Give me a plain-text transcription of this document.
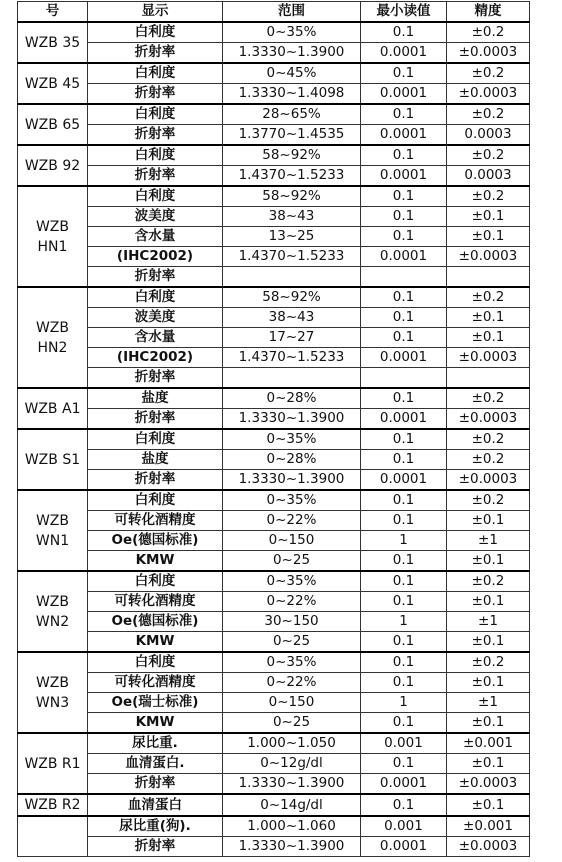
号	显示	范围	最小读值	精度
WZB 35	白利度	0~35%	0.1	±0.2
	折射率	1.3330~1.3900	0.0001	±0.0003
WZB 45	白利度	0~45%	0.1	±0.2
	折射率	1.3330~1.4098	0.0001	±0.0003
WZB 65	白利度	28~65%	0.1	±0.2
	折射率	1.3770~1.4535	0.0001	0.0003
WZB 92	白利度	58~92%	0.1	±0.2
	折射率	1.4370~1.5233	0.0001	0.0003
WZB
HN1	白利度	58~92%	0.1	±0.2
	波美度	38~43	0.1	±0.1
	含水量	13~25	0.1	±0.1
	(IHC2002)	1.4370~1.5233	0.0001	±0.0003
	折射率			
WZB
HN2	白利度	58~92%	0.1	±0.2
	波美度	38~43	0.1	±0.1
	含水量	17~27	0.1	±0.1
	(IHC2002)	1.4370~1.5233	0.0001	±0.0003
	折射率			
WZB A1	盐度	0~28%	0.1	±0.2
	折射率	1.3330~1.3900	0.0001	±0.0003
WZB S1	白利度	0~35%	0.1	±0.2
	盐度	0~28%	0.1	±0.2
	折射率	1.3330~1.3900	0.0001	±0.0003
WZB
WN1	白利度	0~35%	0.1	±0.2
	可转化酒精度	0~22%	0.1	±0.1
	Oe(德国标准)	0~150	1	±1
	KMW	0~25	0.1	±0.1
WZB
WN2	白利度	0~35%	0.1	±0.2
	可转化酒精度	0~22%	0.1	±0.1
	Oe(德国标准)	30~150	1	±1
	KMW	0~25	0.1	±0.1
WZB
WN3	白利度	0~35%	0.1	±0.2
	可转化酒精度	0~22%	0.1	±0.1
	Oe(瑞士标准)	0~150	1	±1
	KMW	0~25	0.1	±0.1
WZB R1	尿比重.	1.000~1.050	0.001	±0.001
	血清蛋白.	0~12g/dl	0.1	±0.1
	折射率	1.3330~1.3900	0.0001	±0.0003
WZB R2	血清蛋白	0~14g/dl	0.1	±0.1
	尿比重(狗).	1.000~1.060	0.001	±0.001
	折射率	1.3330~1.3900	0.0001	±0.0003
